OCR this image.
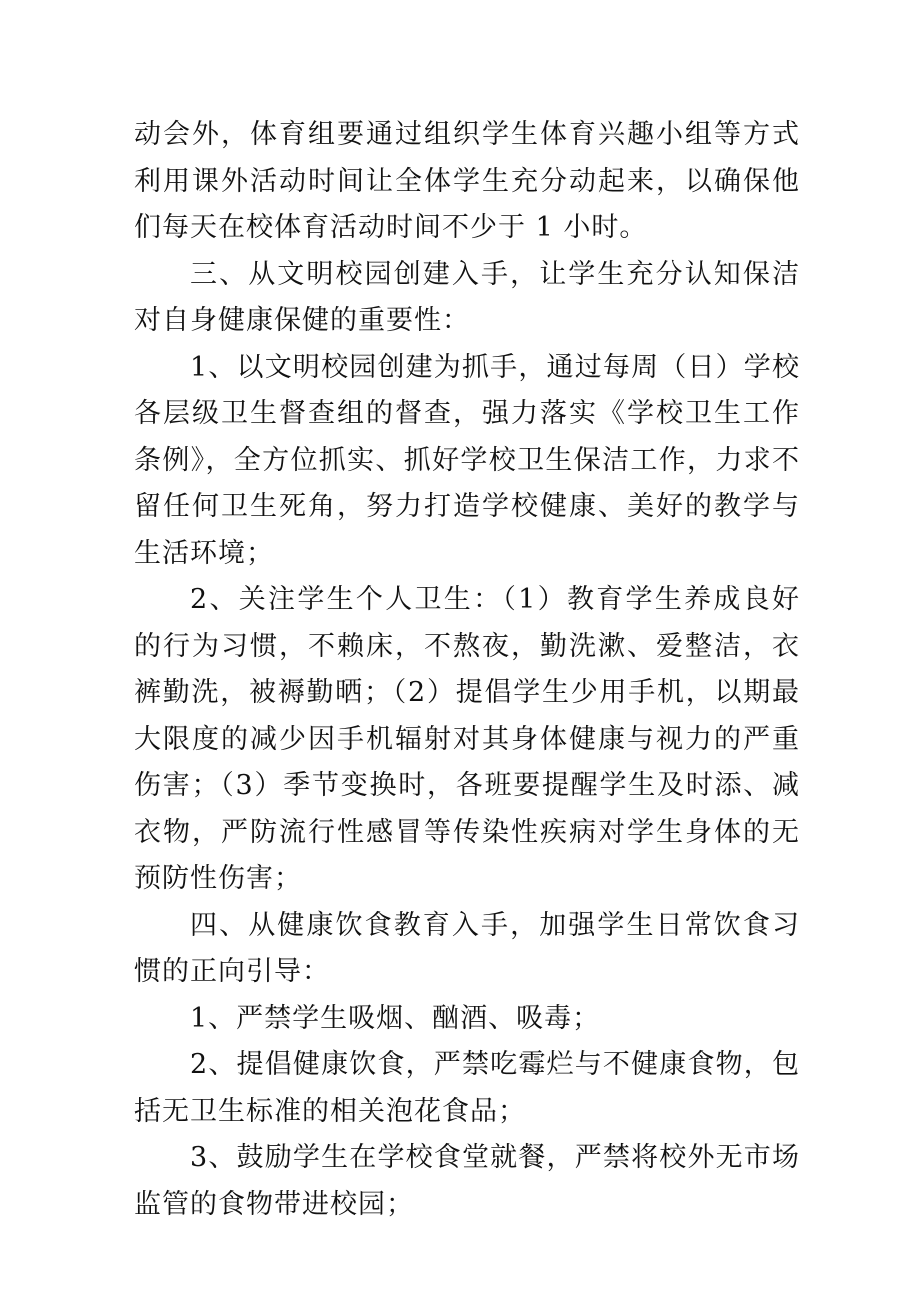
动会外，体育组要通过组织学生体育兴趣小组等方式利用课外活动时间让全体学生充分动起来，以确保他们每天在校体育活动时间不少于 1 小时。

三、从文明校园创建入手，让学生充分认知保洁对自身健康保健的重要性：

1、以文明校园创建为抓手，通过每周（日）学校各层级卫生督查组的督查，强力落实《学校卫生工作条例》，全方位抓实、抓好学校卫生保洁工作，力求不留任何卫生死角，努力打造学校健康、美好的教学与生活环境；

2、关注学生个人卫生：（1）教育学生养成良好的行为习惯，不赖床，不熬夜，勤洗漱、爱整洁，衣裤勤洗，被褥勤晒；（2）提倡学生少用手机，以期最大限度的减少因手机辐射对其身体健康与视力的严重伤害；（3）季节变换时，各班要提醒学生及时添、减衣物，严防流行性感冒等传染性疾病对学生身体的无预防性伤害；

四、从健康饮食教育入手，加强学生日常饮食习惯的正向引导：

1、严禁学生吸烟、酗酒、吸毒；

2、提倡健康饮食，严禁吃霉烂与不健康食物，包括无卫生标准的相关泡花食品；

3、鼓励学生在学校食堂就餐，严禁将校外无市场监管的食物带进校园；
